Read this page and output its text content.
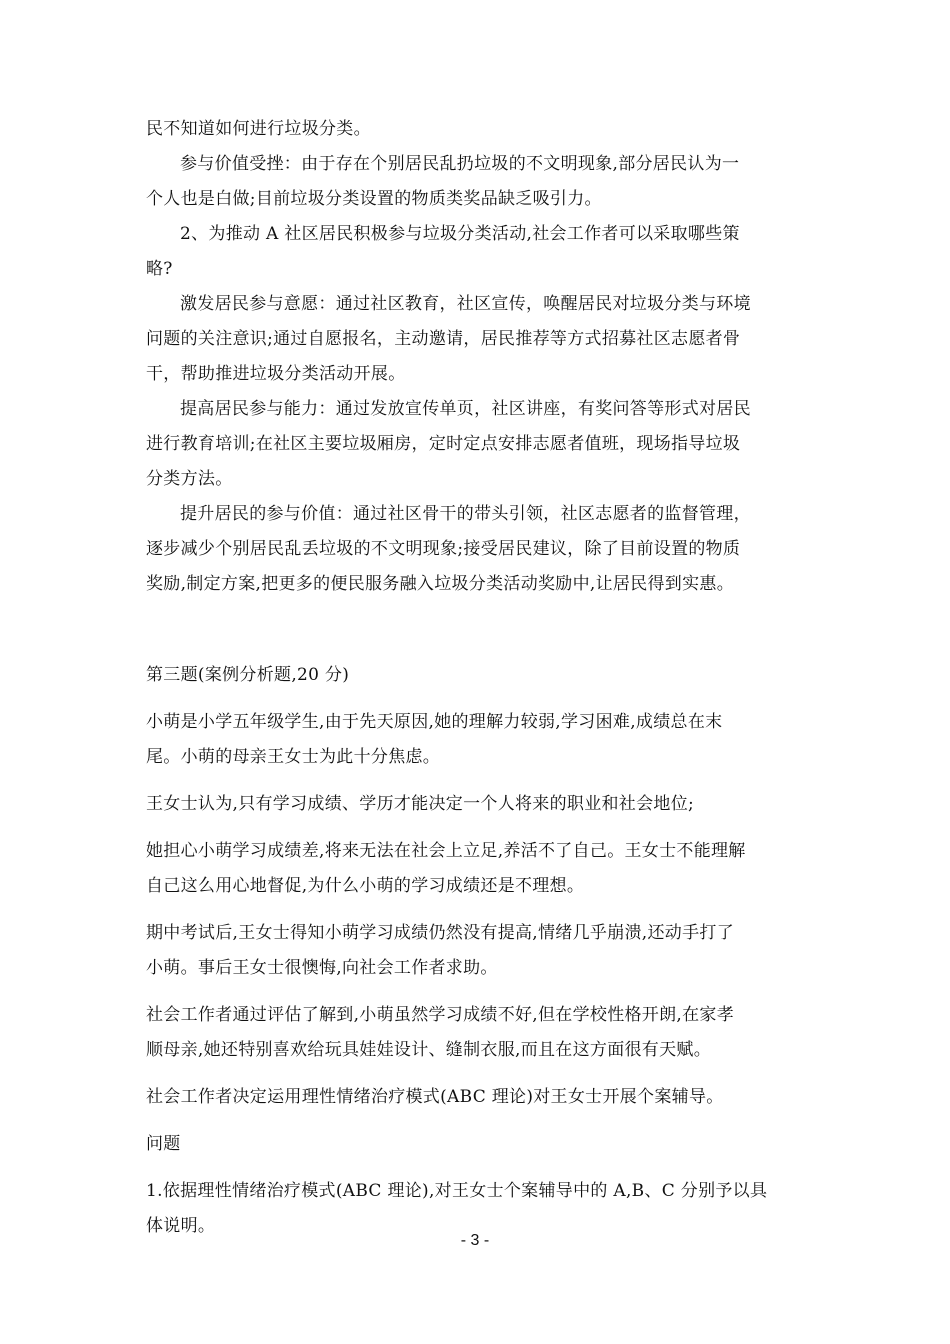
民不知道如何进行垃圾分类。
参与价值受挫：由于存在个别居民乱扔垃圾的不文明现象,部分居民认为一
个人也是白做;目前垃圾分类设置的物质类奖品缺乏吸引力。
2、为推动 A 社区居民积极参与垃圾分类活动,社会工作者可以采取哪些策
略?
激发居民参与意愿：通过社区教育，社区宣传，唤醒居民对垃圾分类与环境
问题的关注意识;通过自愿报名，主动邀请，居民推荐等方式招募社区志愿者骨
干，帮助推进垃圾分类活动开展。
提高居民参与能力：通过发放宣传单页，社区讲座，有奖问答等形式对居民
进行教育培训;在社区主要垃圾厢房，定时定点安排志愿者值班，现场指导垃圾
分类方法。
提升居民的参与价值：通过社区骨干的带头引领，社区志愿者的监督管理，
逐步减少个别居民乱丢垃圾的不文明现象;接受居民建议，除了目前设置的物质
奖励,制定方案,把更多的便民服务融入垃圾分类活动奖励中,让居民得到实惠。
第三题(案例分析题,20 分)
小萌是小学五年级学生,由于先天原因,她的理解力较弱,学习困难,成绩总在末
尾。小萌的母亲王女士为此十分焦虑。
王女士认为,只有学习成绩、学历才能决定一个人将来的职业和社会地位;
她担心小萌学习成绩差,将来无法在社会上立足,养活不了自己。王女士不能理解
自己这么用心地督促,为什么小萌的学习成绩还是不理想。
期中考试后,王女士得知小萌学习成绩仍然没有提高,情绪几乎崩溃,还动手打了
小萌。事后王女士很懊悔,向社会工作者求助。
社会工作者通过评估了解到,小萌虽然学习成绩不好,但在学校性格开朗,在家孝
顺母亲,她还特别喜欢给玩具娃娃设计、缝制衣服,而且在这方面很有天赋。
社会工作者决定运用理性情绪治疗模式(ABC 理论)对王女士开展个案辅导。
问题
1.依据理性情绪治疗模式(ABC 理论),对王女士个案辅导中的 A,B、C 分别予以具
体说明。
- 3 -
